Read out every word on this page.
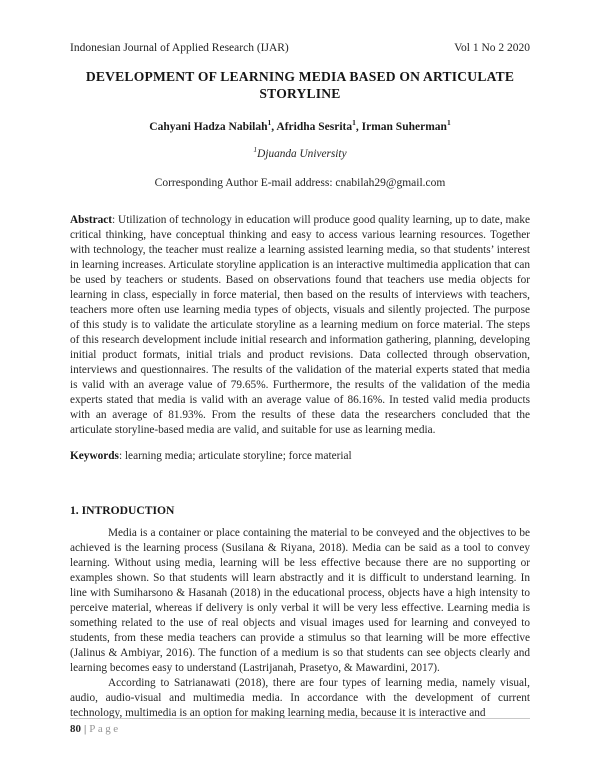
Indonesian Journal of Applied Research (IJAR)	Vol 1 No 2 2020
DEVELOPMENT OF LEARNING MEDIA BASED ON ARTICULATE STORYLINE
Cahyani Hadza Nabilah$^1$, Afridha Sesrita$^1$, Irman Suherman$^1$
$^1$Djuanda University
Corresponding Author E-mail address: cnabilah29@gmail.com

Abstract: Utilization of technology in education will produce good quality learning, up to date, make critical thinking, have conceptual thinking and easy to access various learning resources. Together with technology, the teacher must realize a learning assisted learning media, so that students’ interest in learning increases. Articulate storyline application is an interactive multimedia application that can be used by teachers or students. Based on observations found that teachers use media objects for learning in class, especially in force material, then based on the results of interviews with teachers, teachers more often use learning media types of objects, visuals and silently projected. The purpose of this study is to validate the articulate storyline as a learning medium on force material. The steps of this research development include initial research and information gathering, planning, developing initial product formats, initial trials and product revisions. Data collected through observation, interviews and questionnaires. The results of the validation of the material experts stated that media is valid with an average value of 79.65%. Furthermore, the results of the validation of the media experts stated that media is valid with an average value of 86.16%. In tested valid media products with an average of 81.93%. From the results of these data the researchers concluded that the articulate storyline-based media are valid, and suitable for use as learning media.

Keywords: learning media; articulate storyline; force material

1. INTRODUCTION

Media is a container or place containing the material to be conveyed and the objectives to be achieved is the learning process (Susilana & Riyana, 2018). Media can be said as a tool to convey learning. Without using media, learning will be less effective because there are no supporting or examples shown. So that students will learn abstractly and it is difficult to understand learning. In line with Sumiharsono & Hasanah (2018) in the educational process, objects have a high intensity to perceive material, whereas if delivery is only verbal it will be very less effective. Learning media is something related to the use of real objects and visual images used for learning and conveyed to students, from these media teachers can provide a stimulus so that learning will be more effective (Jalinus & Ambiyar, 2016). The function of a medium is so that students can see objects clearly and learning becomes easy to understand (Lastrijanah, Prasetyo, & Mawardini, 2017).

According to Satrianawati (2018), there are four types of learning media, namely visual, audio, audio-visual and multimedia media. In accordance with the development of current technology, multimedia is an option for making learning media, because it is interactive and

80 | Page
